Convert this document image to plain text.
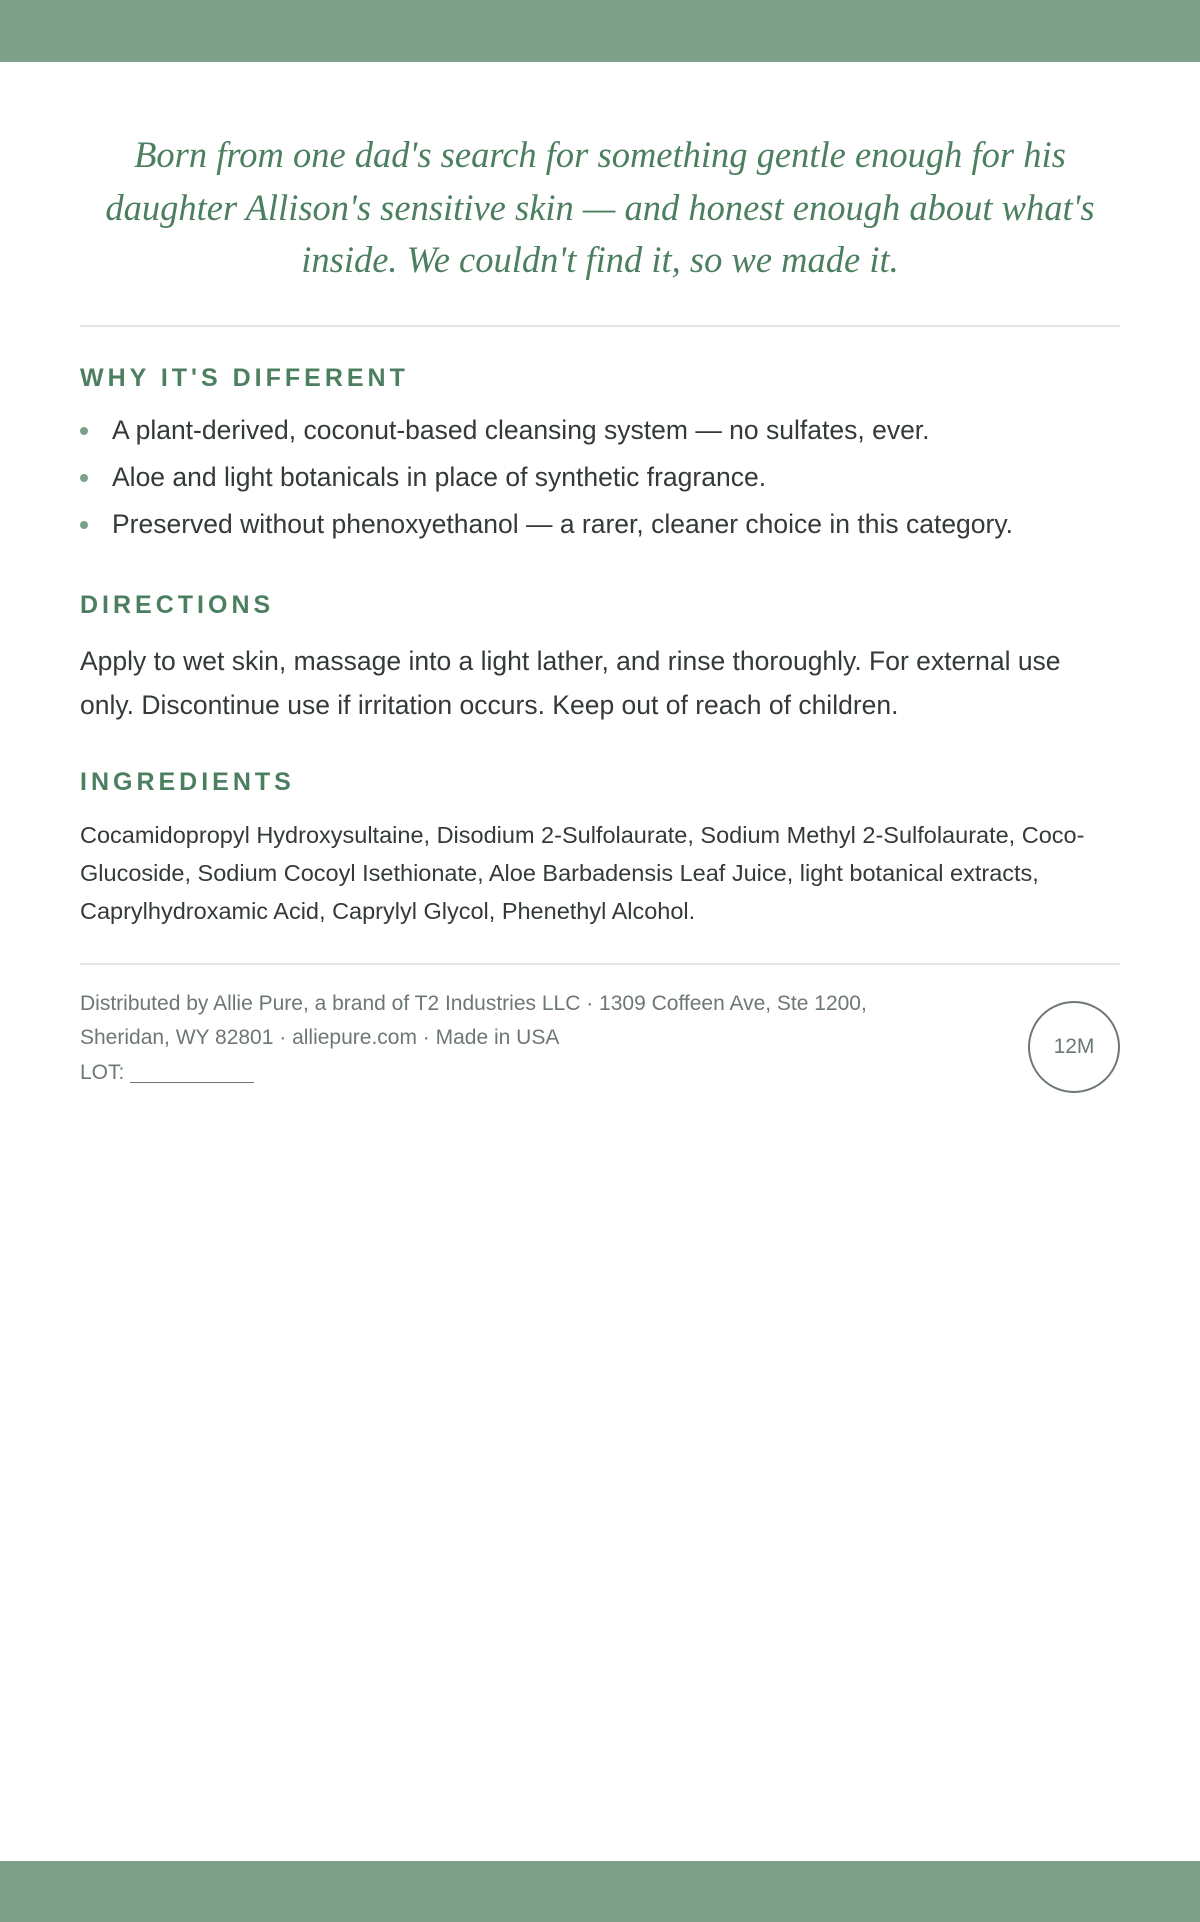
Born from one dad's search for something gentle enough for his daughter Allison's sensitive skin — and honest enough about what's inside. We couldn't find it, so we made it.

WHY IT'S DIFFERENT
A plant-derived, coconut-based cleansing system — no sulfates, ever.
Aloe and light botanicals in place of synthetic fragrance.
Preserved without phenoxyethanol — a rarer, cleaner choice in this category.
DIRECTIONS

Apply to wet skin, massage into a light lather, and rinse thoroughly. For external use only. Discontinue use if irritation occurs. Keep out of reach of children.

INGREDIENTS

Cocamidopropyl Hydroxysultaine, Disodium 2-Sulfolaurate, Sodium Methyl 2-Sulfolaurate, Coco-Glucoside, Sodium Cocoyl Isethionate, Aloe Barbadensis Leaf Juice, light botanical extracts, Caprylhydroxamic Acid, Caprylyl Glycol, Phenethyl Alcohol.

Distributed by Allie Pure, a brand of T2 Industries LLC · 1309 Coffeen Ave, Ste 1200, Sheridan, WY 82801 · alliepure.com · Made in USA
LOT:
12M
